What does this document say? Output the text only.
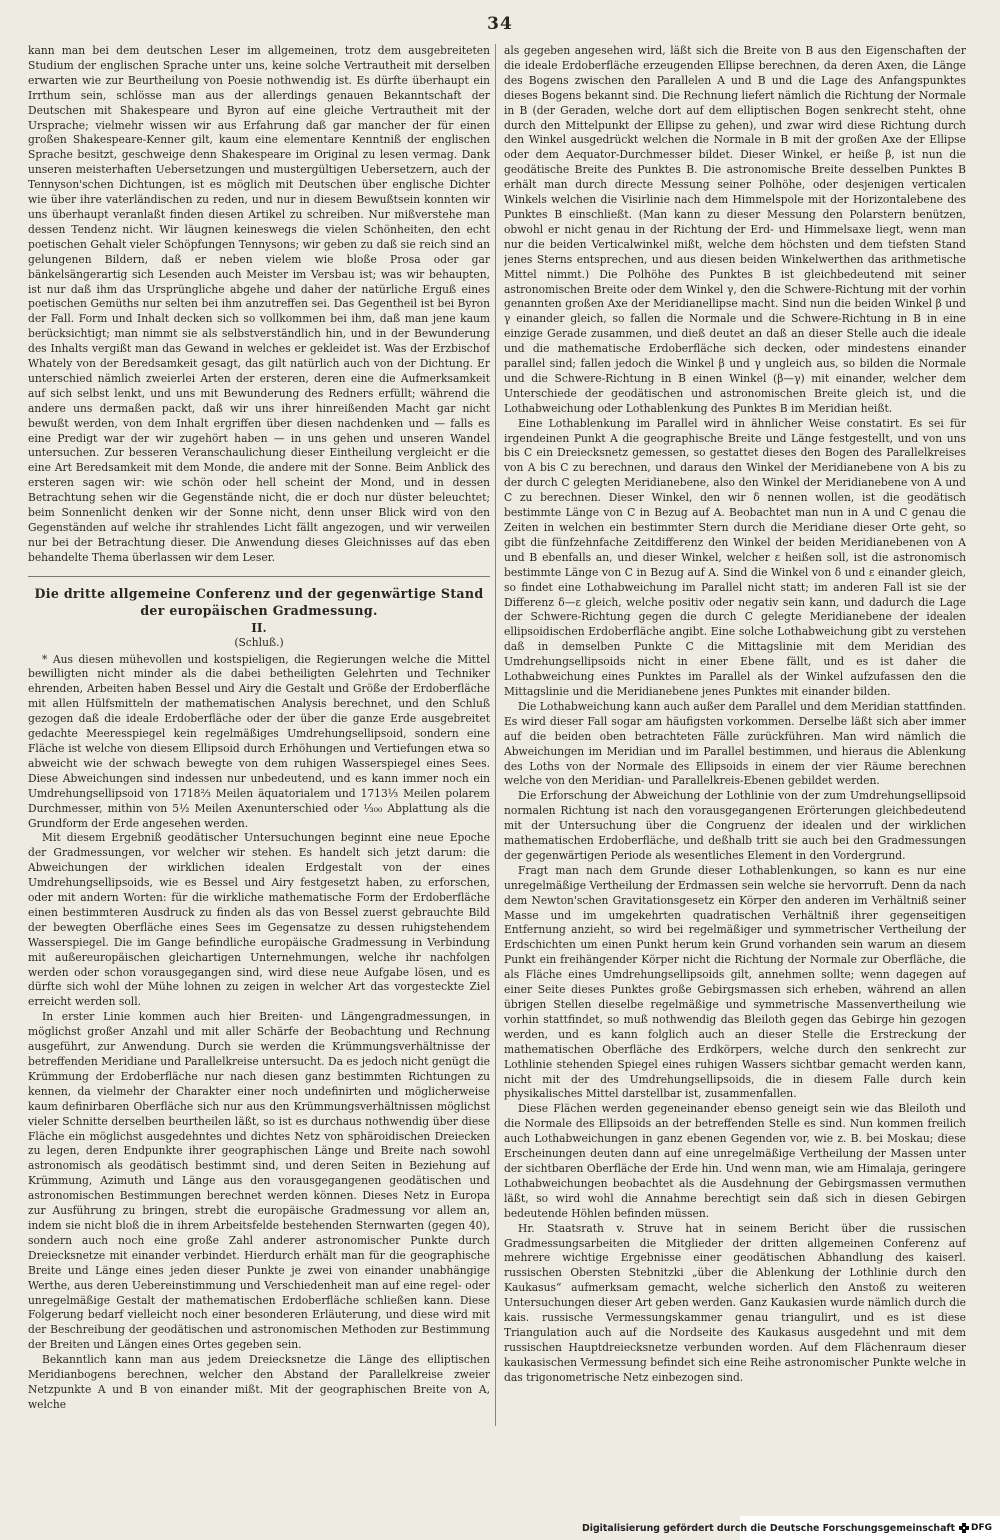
34

kann man bei dem deutschen Leser im allgemeinen, trotz dem ausgebreiteten Studium der englischen Sprache unter uns, keine solche Vertrautheit mit derselben erwarten wie zur Beurtheilung von Poesie nothwendig ist. Es dürfte überhaupt ein Irrthum sein, schlösse man aus der allerdings genauen Bekanntschaft der Deutschen mit Shakespeare und Byron auf eine gleiche Vertrautheit mit der Ursprache; vielmehr wissen wir aus Erfahrung daß gar mancher der für einen großen Shakespeare-Kenner gilt, kaum eine elementare Kenntniß der englischen Sprache besitzt, geschweige denn Shakespeare im Original zu lesen vermag. Dank unseren meisterhaften Uebersetzungen und mustergültigen Uebersetzern, auch der Tennyson'schen Dichtungen, ist es möglich mit Deutschen über englische Dichter wie über ihre vaterländischen zu reden, und nur in diesem Bewußtsein konnten wir uns überhaupt veranlaßt finden diesen Artikel zu schreiben. Nur mißverstehe man dessen Tendenz nicht. Wir läugnen keineswegs die vielen Schönheiten, den echt poetischen Gehalt vieler Schöpfungen Tennysons; wir geben zu daß sie reich sind an gelungenen Bildern, daß er neben vielem wie bloße Prosa oder gar bänkelsängerartig sich Lesenden auch Meister im Versbau ist; was wir behaupten, ist nur daß ihm das Ursprüngliche abgehe und daher der natürliche Erguß eines poetischen Gemüths nur selten bei ihm anzutreffen sei. Das Gegentheil ist bei Byron der Fall. Form und Inhalt decken sich so vollkommen bei ihm, daß man jene kaum berücksichtigt; man nimmt sie als selbstverständlich hin, und in der Bewunderung des Inhalts vergißt man das Gewand in welches er gekleidet ist. Was der Erzbischof Whately von der Beredsamkeit gesagt, das gilt natürlich auch von der Dichtung. Er unterschied nämlich zweierlei Arten der ersteren, deren eine die Aufmerksamkeit auf sich selbst lenkt, und uns mit Bewunderung des Redners erfüllt; während die andere uns dermaßen packt, daß wir uns ihrer hinreißenden Macht gar nicht bewußt werden, von dem Inhalt ergriffen über diesen nachdenken und — falls es eine Predigt war der wir zugehört haben — in uns gehen und unseren Wandel untersuchen. Zur besseren Veranschaulichung dieser Eintheilung vergleicht er die eine Art Beredsamkeit mit dem Monde, die andere mit der Sonne. Beim Anblick des ersteren sagen wir: wie schön oder hell scheint der Mond, und in dessen Betrachtung sehen wir die Gegenstände nicht, die er doch nur düster beleuchtet; beim Sonnenlicht denken wir der Sonne nicht, denn unser Blick wird von den Gegenständen auf welche ihr strahlendes Licht fällt angezogen, und wir verweilen nur bei der Betrachtung dieser. Die Anwendung dieses Gleichnisses auf das eben behandelte Thema überlassen wir dem Leser.

Die dritte allgemeine Conferenz und der gegenwärtige Stand der europäischen Gradmessung.
II.
(Schluß.)

* Aus diesen mühevollen und kostspieligen, die Regierungen welche die Mittel bewilligten nicht minder als die dabei betheiligten Gelehrten und Techniker ehrenden, Arbeiten haben Bessel und Airy die Gestalt und Größe der Erdoberfläche mit allen Hülfsmitteln der mathematischen Analysis berechnet, und den Schluß gezogen daß die ideale Erdoberfläche oder der über die ganze Erde ausgebreitet gedachte Meeresspiegel kein regelmäßiges Umdrehungsellipsoid, sondern eine Fläche ist welche von diesem Ellipsoid durch Erhöhungen und Vertiefungen etwa so abweicht wie der schwach bewegte von dem ruhigen Wasserspiegel eines Sees. Diese Abweichungen sind indessen nur unbedeutend, und es kann immer noch ein Umdrehungsellipsoid von 1718⅔ Meilen äquatorialem und 1713⅓ Meilen polarem Durchmesser, mithin von 5½ Meilen Axenunterschied oder ¹⁄₃₀₀ Abplattung als die Grundform der Erde angesehen werden.

Mit diesem Ergebniß geodätischer Untersuchungen beginnt eine neue Epoche der Gradmessungen, vor welcher wir stehen. Es handelt sich jetzt darum: die Abweichungen der wirklichen idealen Erdgestalt von der eines Umdrehungsellipsoids, wie es Bessel und Airy festgesetzt haben, zu erforschen, oder mit andern Worten: für die wirkliche mathematische Form der Erdoberfläche einen bestimmteren Ausdruck zu finden als das von Bessel zuerst gebrauchte Bild der bewegten Oberfläche eines Sees im Gegensatze zu dessen ruhigstehendem Wasserspiegel. Die im Gange befindliche europäische Gradmessung in Verbindung mit außereuropäischen gleichartigen Unternehmungen, welche ihr nachfolgen werden oder schon vorausgegangen sind, wird diese neue Aufgabe lösen, und es dürfte sich wohl der Mühe lohnen zu zeigen in welcher Art das vorgesteckte Ziel erreicht werden soll.

In erster Linie kommen auch hier Breiten- und Längengradmessungen, in möglichst großer Anzahl und mit aller Schärfe der Beobachtung und Rechnung ausgeführt, zur Anwendung. Durch sie werden die Krümmungsverhältnisse der betreffenden Meridiane und Parallelkreise untersucht. Da es jedoch nicht genügt die Krümmung der Erdoberfläche nur nach diesen ganz bestimmten Richtungen zu kennen, da vielmehr der Charakter einer noch undefinirten und möglicherweise kaum definirbaren Oberfläche sich nur aus den Krümmungsverhältnissen möglichst vieler Schnitte derselben beurtheilen läßt, so ist es durchaus nothwendig über diese Fläche ein möglichst ausgedehntes und dichtes Netz von sphäroidischen Dreiecken zu legen, deren Endpunkte ihrer geographischen Länge und Breite nach sowohl astronomisch als geodätisch bestimmt sind, und deren Seiten in Beziehung auf Krümmung, Azimuth und Länge aus den vorausgegangenen geodätischen und astronomischen Bestimmungen berechnet werden können. Dieses Netz in Europa zur Ausführung zu bringen, strebt die europäische Gradmessung vor allem an, indem sie nicht bloß die in ihrem Arbeitsfelde bestehenden Sternwarten (gegen 40), sondern auch noch eine große Zahl anderer astronomischer Punkte durch Dreiecksnetze mit einander verbindet. Hierdurch erhält man für die geographische Breite und Länge eines jeden dieser Punkte je zwei von einander unabhängige Werthe, aus deren Uebereinstimmung und Verschiedenheit man auf eine regel- oder unregelmäßige Gestalt der mathematischen Erdoberfläche schließen kann. Diese Folgerung bedarf vielleicht noch einer besonderen Erläuterung, und diese wird mit der Beschreibung der geodätischen und astronomischen Methoden zur Bestimmung der Breiten und Längen eines Ortes gegeben sein.

Bekanntlich kann man aus jedem Dreiecksnetze die Länge des elliptischen Meridianbogens berechnen, welcher den Abstand der Parallelkreise zweier Netzpunkte A und B von einander mißt. Mit der geographischen Breite von A, welche

als gegeben angesehen wird, läßt sich die Breite von B aus den Eigenschaften der die ideale Erdoberfläche erzeugenden Ellipse berechnen, da deren Axen, die Länge des Bogens zwischen den Parallelen A und B und die Lage des Anfangspunktes dieses Bogens bekannt sind. Die Rechnung liefert nämlich die Richtung der Normale in B (der Geraden, welche dort auf dem elliptischen Bogen senkrecht steht, ohne durch den Mittelpunkt der Ellipse zu gehen), und zwar wird diese Richtung durch den Winkel ausgedrückt welchen die Normale in B mit der großen Axe der Ellipse oder dem Aequator-Durchmesser bildet. Dieser Winkel, er heiße β, ist nun die geodätische Breite des Punktes B. Die astronomische Breite desselben Punktes B erhält man durch directe Messung seiner Polhöhe, oder desjenigen verticalen Winkels welchen die Visirlinie nach dem Himmelspole mit der Horizontalebene des Punktes B einschließt. (Man kann zu dieser Messung den Polarstern benützen, obwohl er nicht genau in der Richtung der Erd- und Himmelsaxe liegt, wenn man nur die beiden Verticalwinkel mißt, welche dem höchsten und dem tiefsten Stand jenes Sterns entsprechen, und aus diesen beiden Winkelwerthen das arithmetische Mittel nimmt.) Die Polhöhe des Punktes B ist gleichbedeutend mit seiner astronomischen Breite oder dem Winkel γ, den die Schwere-Richtung mit der vorhin genannten großen Axe der Meridianellipse macht. Sind nun die beiden Winkel β und γ einander gleich, so fallen die Normale und die Schwere-Richtung in B in eine einzige Gerade zusammen, und dieß deutet an daß an dieser Stelle auch die ideale und die mathematische Erdoberfläche sich decken, oder mindestens einander parallel sind; fallen jedoch die Winkel β und γ ungleich aus, so bilden die Normale und die Schwere-Richtung in B einen Winkel (β—γ) mit einander, welcher dem Unterschiede der geodätischen und astronomischen Breite gleich ist, und die Lothabweichung oder Lothablenkung des Punktes B im Meridian heißt.

Eine Lothablenkung im Parallel wird in ähnlicher Weise constatirt. Es sei für irgendeinen Punkt A die geographische Breite und Länge festgestellt, und von uns bis C ein Dreiecksnetz gemessen, so gestattet dieses den Bogen des Parallelkreises von A bis C zu berechnen, und daraus den Winkel der Meridianebene von A bis zu der durch C gelegten Meridianebene, also den Winkel der Meridianebene von A und C zu berechnen. Dieser Winkel, den wir δ nennen wollen, ist die geodätisch bestimmte Länge von C in Bezug auf A. Beobachtet man nun in A und C genau die Zeiten in welchen ein bestimmter Stern durch die Meridiane dieser Orte geht, so gibt die fünfzehnfache Zeitdifferenz den Winkel der beiden Meridianebenen von A und B ebenfalls an, und dieser Winkel, welcher ε heißen soll, ist die astronomisch bestimmte Länge von C in Bezug auf A. Sind die Winkel von δ und ε einander gleich, so findet eine Lothabweichung im Parallel nicht statt; im anderen Fall ist sie der Differenz δ—ε gleich, welche positiv oder negativ sein kann, und dadurch die Lage der Schwere-Richtung gegen die durch C gelegte Meridianebene der idealen ellipsoidischen Erdoberfläche angibt. Eine solche Lothabweichung gibt zu verstehen daß in demselben Punkte C die Mittagslinie mit dem Meridian des Umdrehungsellipsoids nicht in einer Ebene fällt, und es ist daher die Lothabweichung eines Punktes im Parallel als der Winkel aufzufassen den die Mittagslinie und die Meridianebene jenes Punktes mit einander bilden.

Die Lothabweichung kann auch außer dem Parallel und dem Meridian stattfinden. Es wird dieser Fall sogar am häufigsten vorkommen. Derselbe läßt sich aber immer auf die beiden oben betrachteten Fälle zurückführen. Man wird nämlich die Abweichungen im Meridian und im Parallel bestimmen, und hieraus die Ablenkung des Loths von der Normale des Ellipsoids in einem der vier Räume berechnen welche von den Meridian- und Parallelkreis-Ebenen gebildet werden.

Die Erforschung der Abweichung der Lothlinie von der zum Umdrehungsellipsoid normalen Richtung ist nach den vorausgegangenen Erörterungen gleichbedeutend mit der Untersuchung über die Congruenz der idealen und der wirklichen mathematischen Erdoberfläche, und deßhalb tritt sie auch bei den Gradmessungen der gegenwärtigen Periode als wesentliches Element in den Vordergrund.

Fragt man nach dem Grunde dieser Lothablenkungen, so kann es nur eine unregelmäßige Vertheilung der Erdmassen sein welche sie hervorruft. Denn da nach dem Newton'schen Gravitationsgesetz ein Körper den anderen im Verhältniß seiner Masse und im umgekehrten quadratischen Verhältniß ihrer gegenseitigen Entfernung anzieht, so wird bei regelmäßiger und symmetrischer Vertheilung der Erdschichten um einen Punkt herum kein Grund vorhanden sein warum an diesem Punkt ein freihängender Körper nicht die Richtung der Normale zur Oberfläche, die als Fläche eines Umdrehungsellipsoids gilt, annehmen sollte; wenn dagegen auf einer Seite dieses Punktes große Gebirgsmassen sich erheben, während an allen übrigen Stellen dieselbe regelmäßige und symmetrische Massenvertheilung wie vorhin stattfindet, so muß nothwendig das Bleiloth gegen das Gebirge hin gezogen werden, und es kann folglich auch an dieser Stelle die Erstreckung der mathematischen Oberfläche des Erdkörpers, welche durch den senkrecht zur Lothlinie stehenden Spiegel eines ruhigen Wassers sichtbar gemacht werden kann, nicht mit der des Umdrehungsellipsoids, die in diesem Falle durch kein physikalisches Mittel darstellbar ist, zusammenfallen.

Diese Flächen werden gegeneinander ebenso geneigt sein wie das Bleiloth und die Normale des Ellipsoids an der betreffenden Stelle es sind. Nun kommen freilich auch Lothabweichungen in ganz ebenen Gegenden vor, wie z. B. bei Moskau; diese Erscheinungen deuten dann auf eine unregelmäßige Vertheilung der Massen unter der sichtbaren Oberfläche der Erde hin. Und wenn man, wie am Himalaja, geringere Lothabweichungen beobachtet als die Ausdehnung der Gebirgsmassen vermuthen läßt, so wird wohl die Annahme berechtigt sein daß sich in diesen Gebirgen bedeutende Höhlen befinden müssen.

Hr. Staatsrath v. Struve hat in seinem Bericht über die russischen Gradmessungsarbeiten die Mitglieder der dritten allgemeinen Conferenz auf mehrere wichtige Ergebnisse einer geodätischen Abhandlung des kaiserl. russischen Obersten Stebnitzki „über die Ablenkung der Lothlinie durch den Kaukasus“ aufmerksam gemacht, welche sicherlich den Anstoß zu weiteren Untersuchungen dieser Art geben werden. Ganz Kaukasien wurde nämlich durch die kais. russische Vermessungskammer genau triangulirt, und es ist diese Triangulation auch auf die Nordseite des Kaukasus ausgedehnt und mit dem russischen Hauptdreiecksnetze verbunden worden. Auf dem Flächenraum dieser kaukasischen Vermessung befindet sich eine Reihe astronomischer Punkte welche in das trigonometrische Netz einbezogen sind.

Digitalisierung gefördert durch die Deutsche Forschungsgemeinschaft DFG
